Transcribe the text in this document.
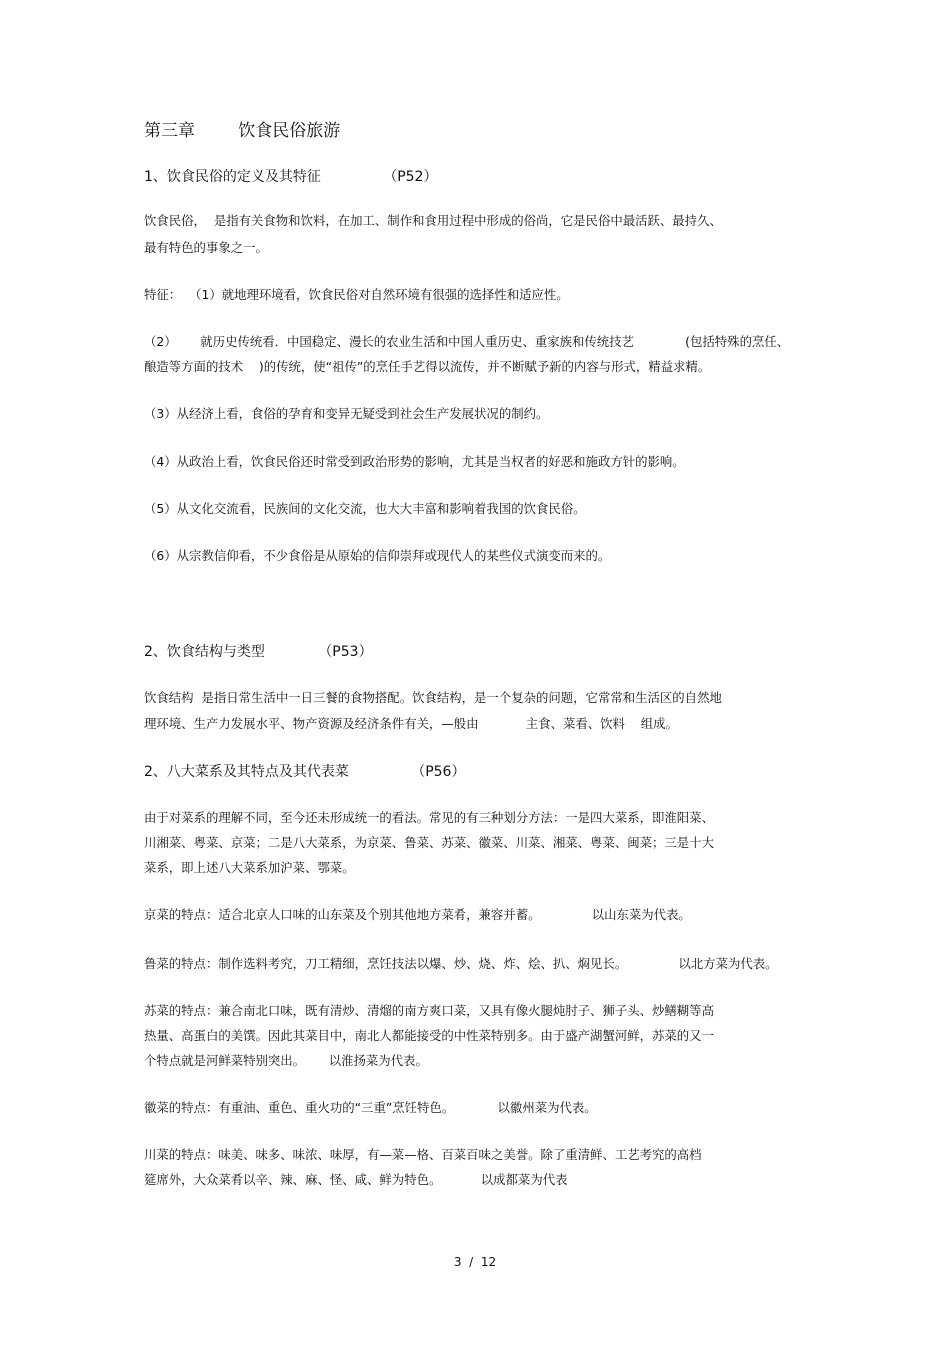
第三章        饮食民俗旅游
1、饮食民俗的定义及其特征              （P52）
饮食民俗，  是指有关食物和饮料，在加工、制作和食用过程中形成的俗尚，它是民俗中最活跃、最持久、
最有特色的事象之一。
特征：  （1）就地理环境看，饮食民俗对自然环境有很强的选择性和适应性。
（2）      就历史传统看．中国稳定、漫长的农业生活和中国人重历史、重家族和传统技艺             (包括特殊的烹任、
酿造等方面的技术    )的传统，使“祖传”的烹任手艺得以流传，并不断赋予新的内容与形式，精益求精。
（3）从经济上看，食俗的孕育和变异无疑受到社会生产发展状况的制约。
（4）从政治上看，饮食民俗还时常受到政治形势的影响，尤其是当权者的好恶和施政方针的影响。
（5）从文化交流看，民族间的文化交流，也大大丰富和影响着我国的饮食民俗。
（6）从宗教信仰看，不少食俗是从原始的信仰崇拜或现代人的某些仪式演变而来的。
2、饮食结构与类型            （P53）
饮食结构  是指日常生活中一日三餐的食物搭配。饮食结构，是一个复杂的问题，它常常和生活区的自然地
理环境、生产力发展水平、物产资源及经济条件有关，—般由            主食、菜看、饮料    组成。
2、八大菜系及其特点及其代表菜              （P56）
由于对菜系的理解不同，至今还未形成统一的看法。常见的有三种划分方法：一是四大菜系，即淮阳菜、
川湘菜、粤菜、京菜；二是八大菜系，为京菜、鲁菜、苏菜、徽菜、川菜、湘菜、粤菜、闽菜；三是十大
菜系，即上述八大菜系加沪菜、鄂菜。
京菜的特点：适合北京人口味的山东菜及个别其他地方菜肴，兼容并蓄。             以山东菜为代表。
鲁菜的特点：制作选料考究，刀工精细，烹饪技法以爆、炒、烧、炸、烩、扒、焖见长。             以北方菜为代表。
苏菜的特点：兼合南北口味，既有清炒、清熘的南方爽口菜，又具有像火腿炖肘子、狮子头、炒鳝糊等高
热量、高蛋白的美馔。因此其菜目中，南北人都能接受的中性菜特别多。由于盛产湖蟹河鲜，苏菜的又一
个特点就是河鲜菜特别突出。      以淮扬菜为代表。
徽菜的特点：有重油、重色、重火功的“三重”烹饪特色。           以徽州菜为代表。
川菜的特点：味美、味多、味浓、味厚，有—菜—格、百菜百味之美誉。除了重清鲜、工艺考究的高档
筵席外，大众菜肴以辛、辣、麻、怪、咸、鲜为特色。          以成都菜为代表
3  /  12
